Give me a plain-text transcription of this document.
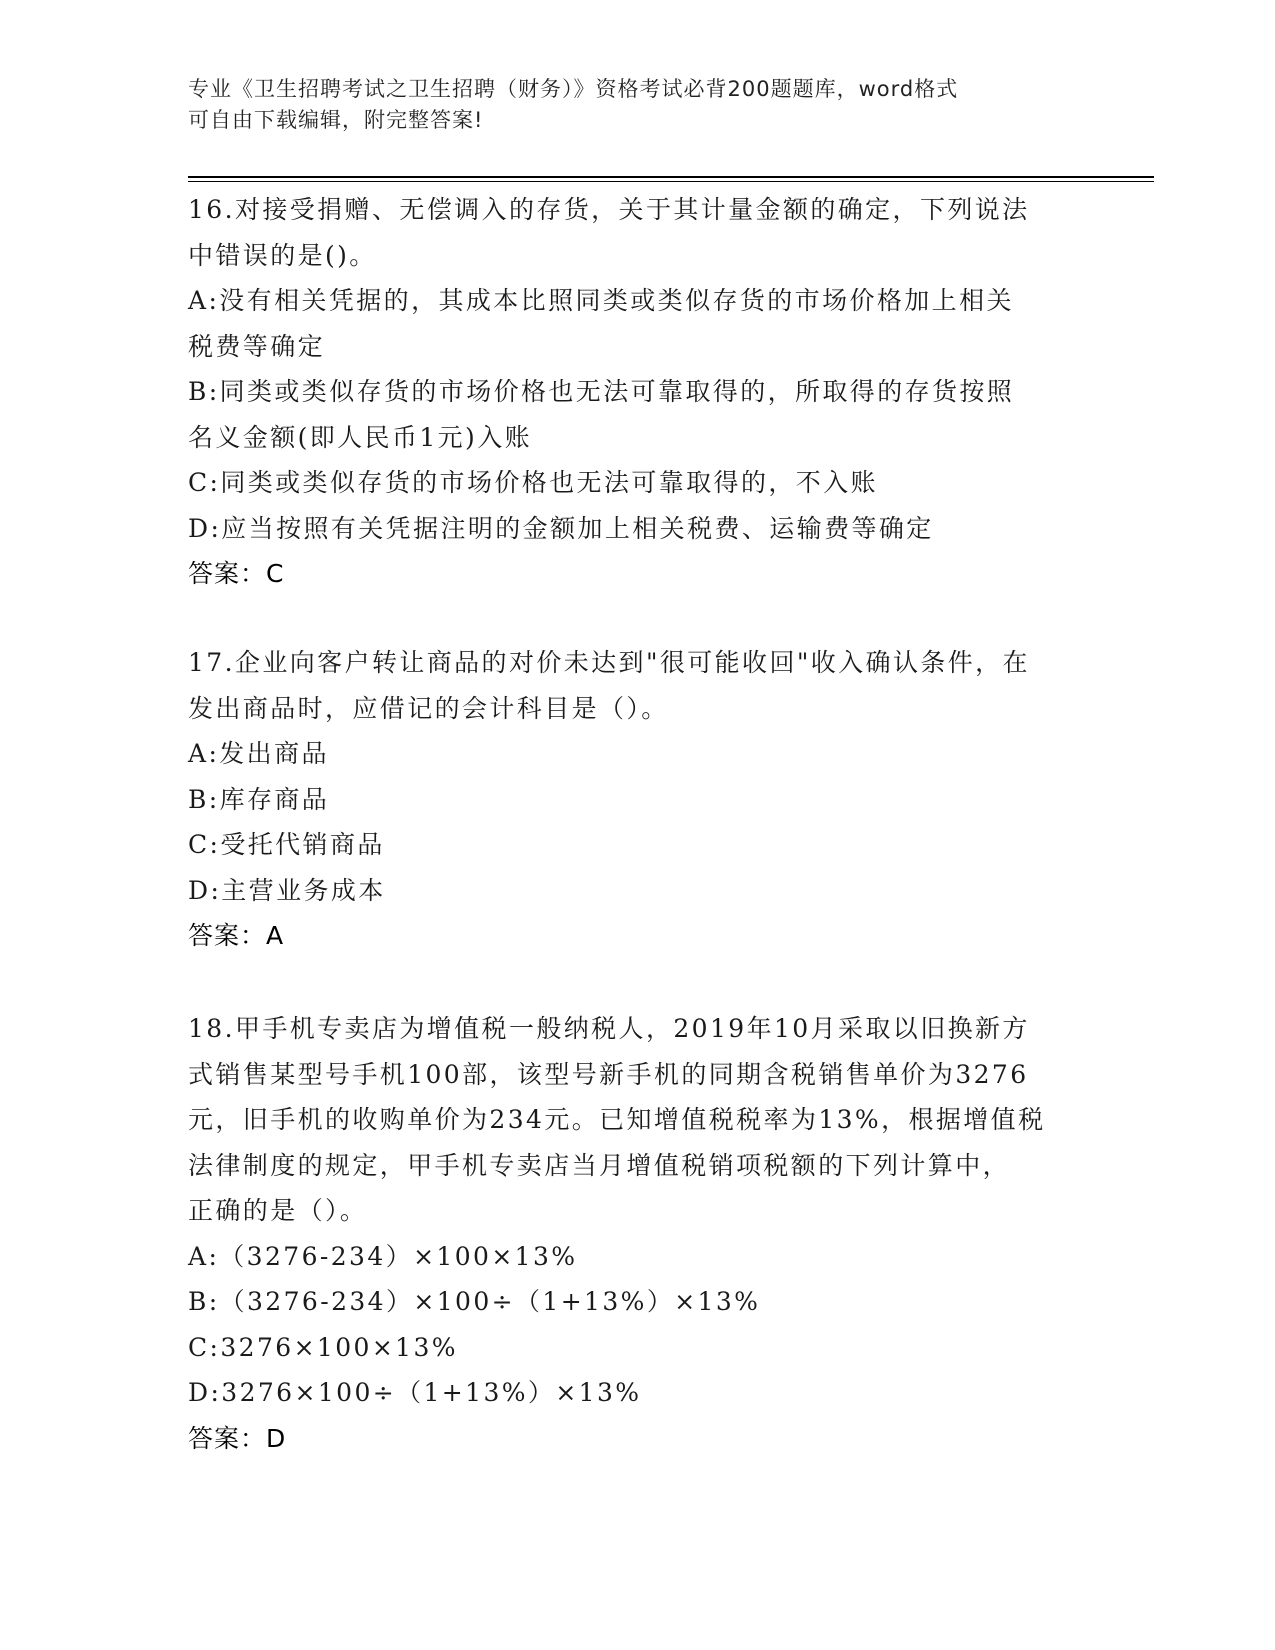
专业《卫生招聘考试之卫生招聘（财务）》资格考试必背200题题库，word格式
可自由下载编辑，附完整答案!
16.对接受捐赠、无偿调入的存货，关于其计量金额的确定，下列说法
中错误的是()。
A:没有相关凭据的，其成本比照同类或类似存货的市场价格加上相关
税费等确定
B:同类或类似存货的市场价格也无法可靠取得的，所取得的存货按照
名义金额(即人民币1元)入账
C:同类或类似存货的市场价格也无法可靠取得的，不入账
D:应当按照有关凭据注明的金额加上相关税费、运输费等确定
答案：C
17.企业向客户转让商品的对价未达到"很可能收回"收入确认条件，在
发出商品时，应借记的会计科目是（）。
A:发出商品
B:库存商品
C:受托代销商品
D:主营业务成本
答案：A
18.甲手机专卖店为增值税一般纳税人，2019年10月采取以旧换新方
式销售某型号手机100部，该型号新手机的同期含税销售单价为3276
元，旧手机的收购单价为234元。已知增值税税率为13%，根据增值税
法律制度的规定，甲手机专卖店当月增值税销项税额的下列计算中，
正确的是（）。
A:（3276-234）×100×13%
B:（3276-234）×100÷（1+13%）×13%
C:3276×100×13%
D:3276×100÷（1+13%）×13%
答案：D
